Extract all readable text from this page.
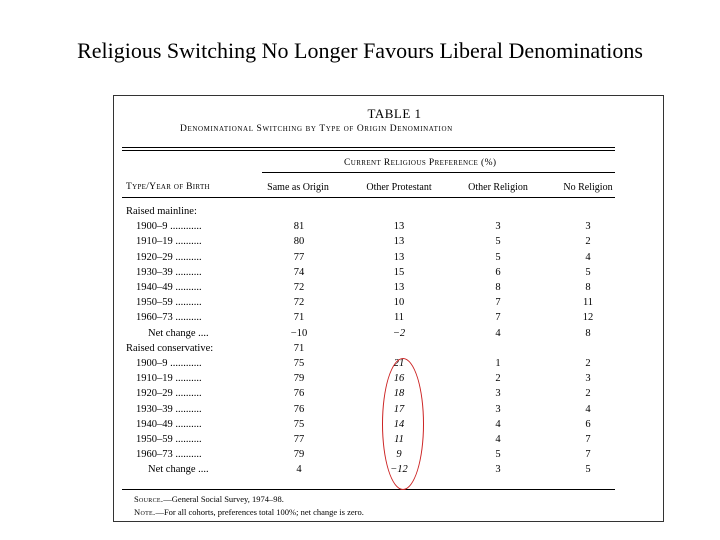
Religious Switching No Longer Favours Liberal Denominations
TABLE 1
Denominational Switching by Type of Origin Denomination
Current Religious Preference (%)
Type/Year of Birth	Same as Origin	Other Protestant	Other Religion	No Religion
Raised mainline:
1900–9 ............	81	13	3	3
1910–19 ..........	80	13	5	2
1920–29 ..........	77	13	5	4
1930–39 ..........	74	15	6	5
1940–49 ..........	72	13	8	8
1950–59 ..........	72	10	7	11
1960–73 ..........	71	11	7	12
Net change ....	−10	−2	4	8
Raised conservative:	71
1900–9 ............	75	21	1	2
1910–19 ..........	79	16	2	3
1920–29 ..........	76	18	3	2
1930–39 ..........	76	17	3	4
1940–49 ..........	75	14	4	6
1950–59 ..........	77	11	4	7
1960–73 ..........	79	9	5	7
Net change ....	4	−12	3	5
Source.—General Social Survey, 1974–98.
Note.—For all cohorts, preferences total 100%; net change is zero.
